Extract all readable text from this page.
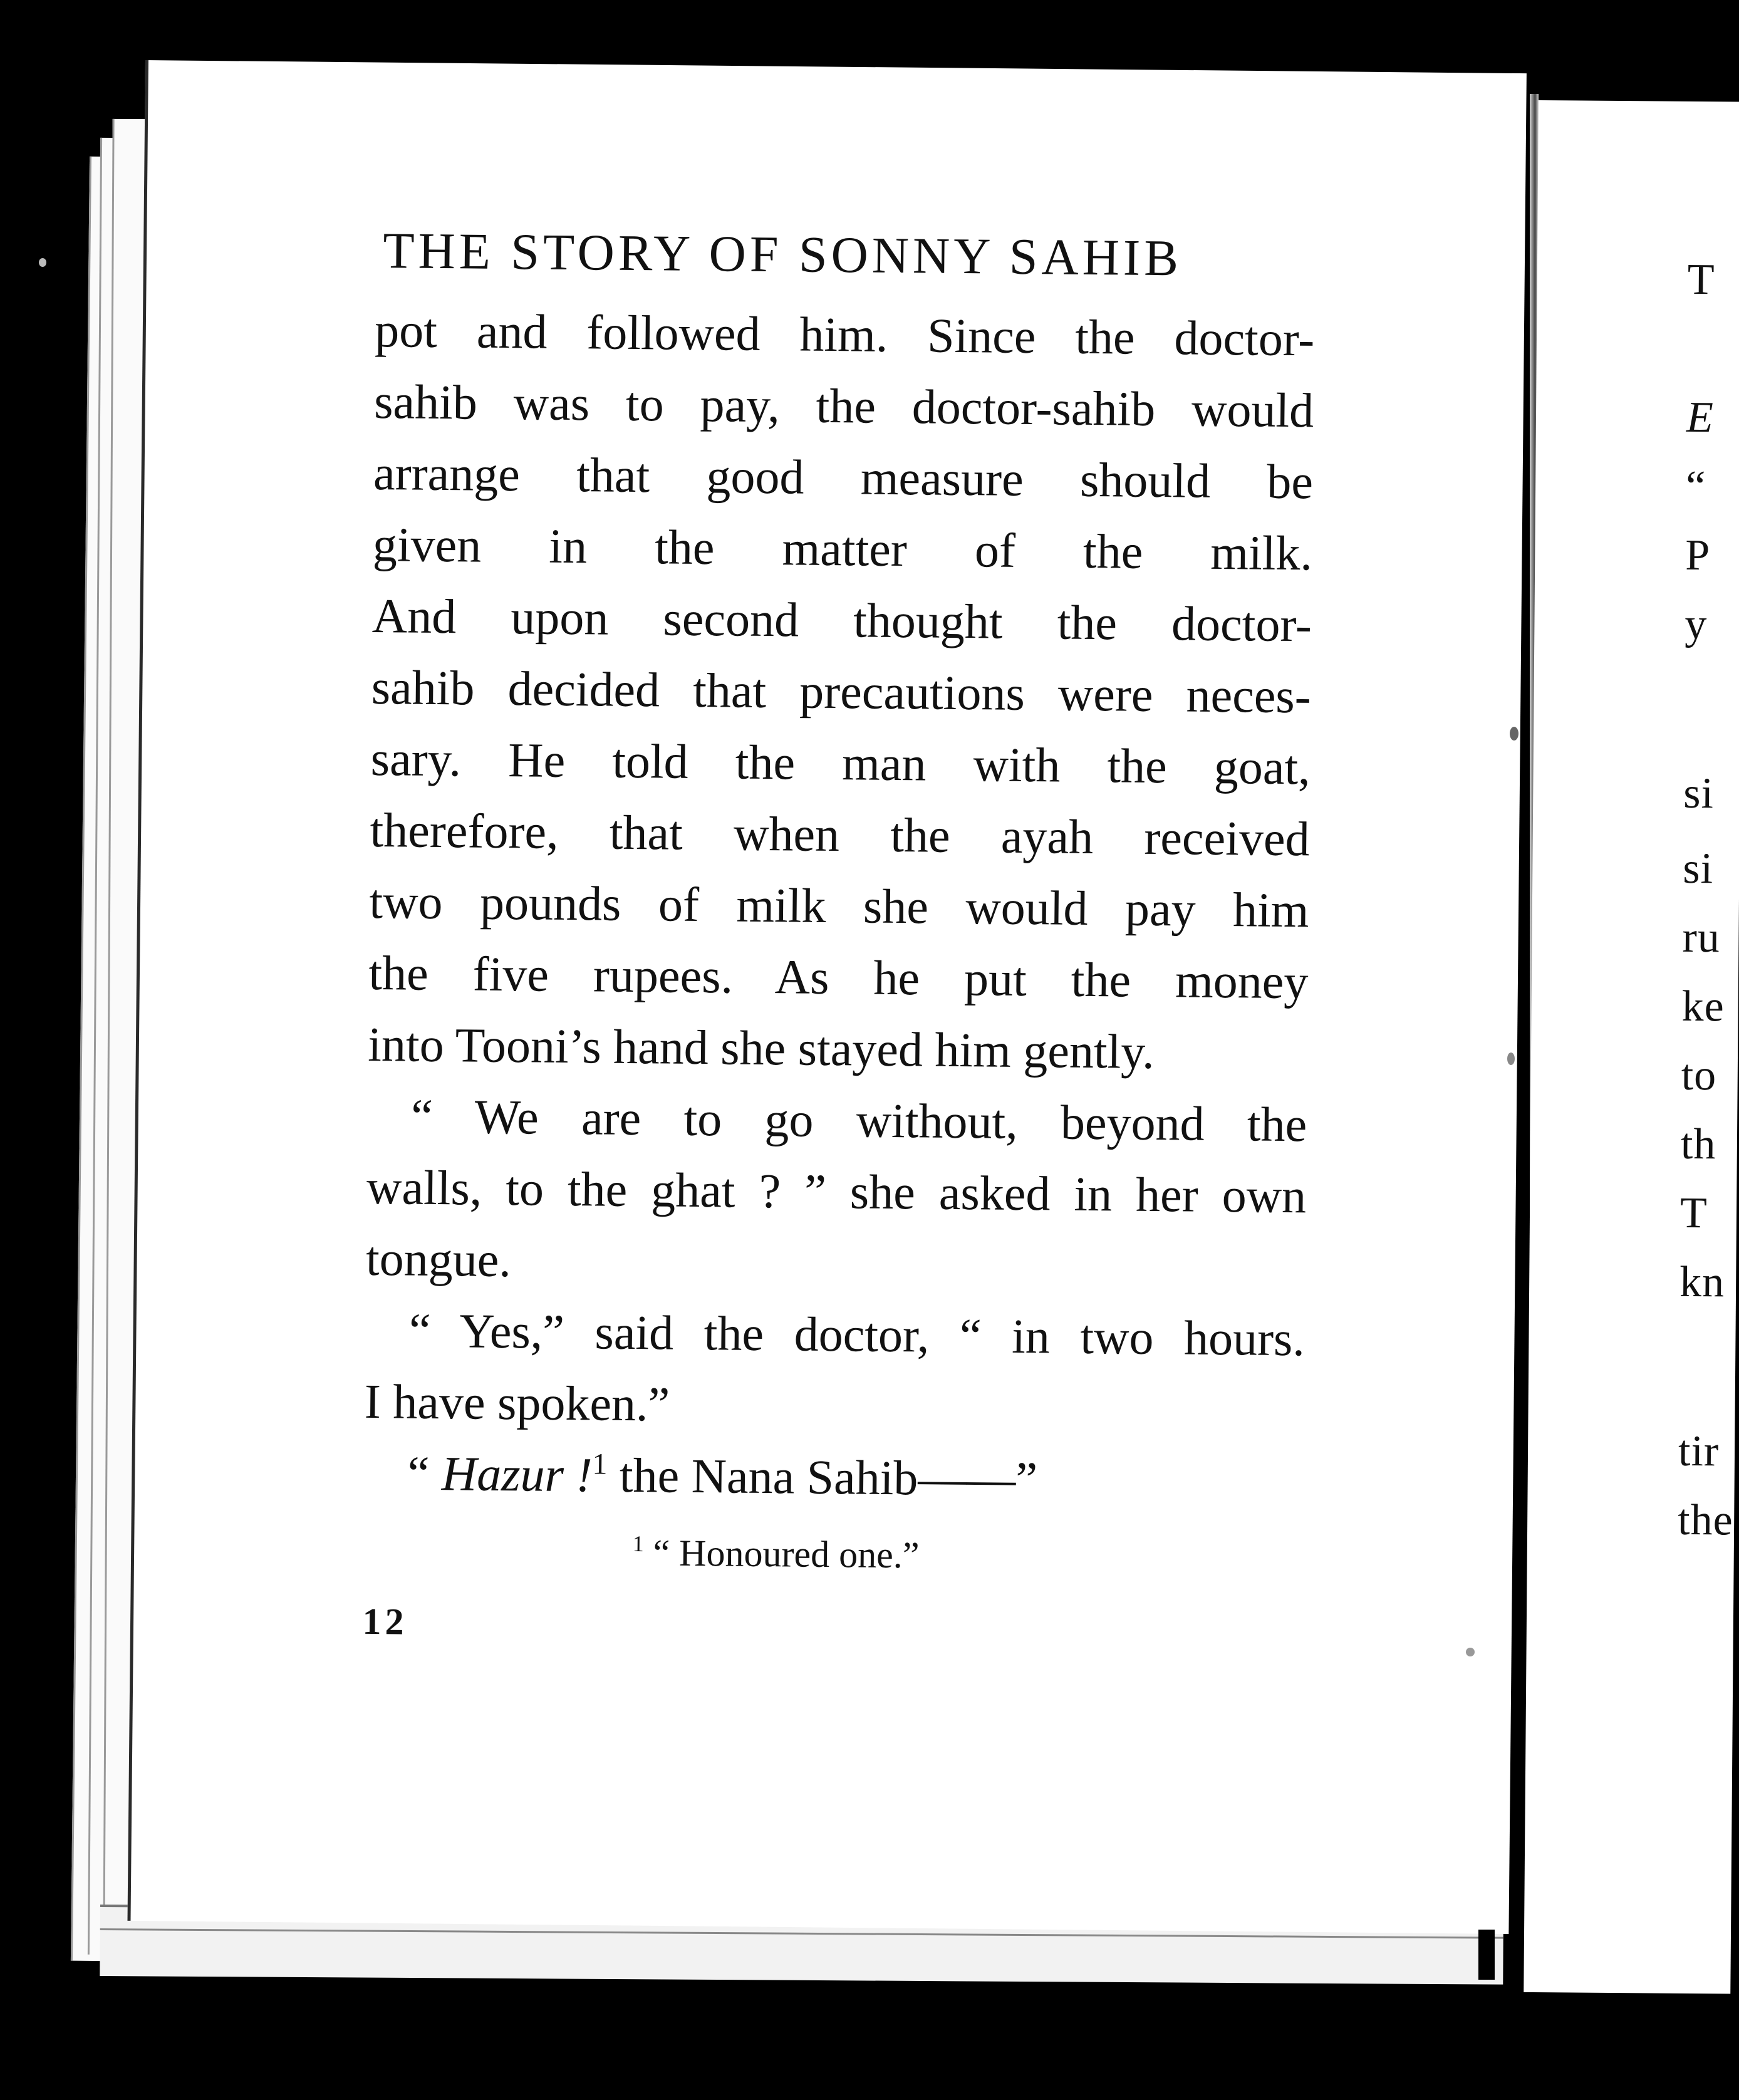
T
E
“
P
y
si
si
ru
ke
to
th
T
kn
tir
the
THE STORY OF SONNY SAHIB
pot and followed him. Since the doctor-
sahib was to pay, the doctor-sahib would
arrange that good measure should be
given in the matter of the milk.
And upon second thought the doctor-
sahib decided that precautions were neces-
sary. He told the man with the goat,
therefore, that when the ayah received
two pounds of milk she would pay him
the five rupees. As he put the money
into Tooni’s hand she stayed him gently.
“ We are to go without, beyond the
walls, to the ghat ? ” she asked in her own
tongue.
“ Yes,” said the doctor, “ in two hours.
I have spoken.”
“ Hazur !$^1$ the Nana Sahib——”
$^1$ “ Honoured one.”
12
